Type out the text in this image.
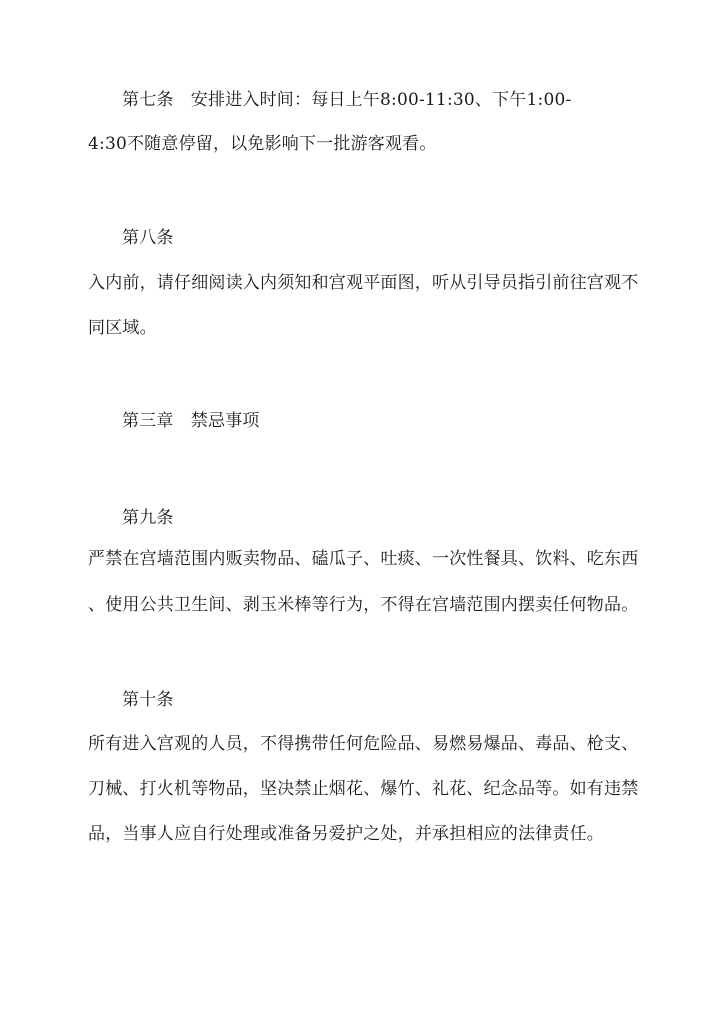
第七条　安排进入时间：每日上午8:00-11:30、下午1:00-
4:30不随意停留，以免影响下一批游客观看。
第八条
入内前，请仔细阅读入内须知和宫观平面图，听从引导员指引前往宫观不
同区域。
第三章　禁忌事项
第九条
严禁在宫墙范围内贩卖物品、磕瓜子、吐痰、一次性餐具、饮料、吃东西
、使用公共卫生间、剥玉米棒等行为，不得在宫墙范围内摆卖任何物品。
第十条
所有进入宫观的人员，不得携带任何危险品、易燃易爆品、毒品、枪支、
刀械、打火机等物品，坚决禁止烟花、爆竹、礼花、纪念品等。如有违禁
品，当事人应自行处理或准备另爱护之处，并承担相应的法律责任。
